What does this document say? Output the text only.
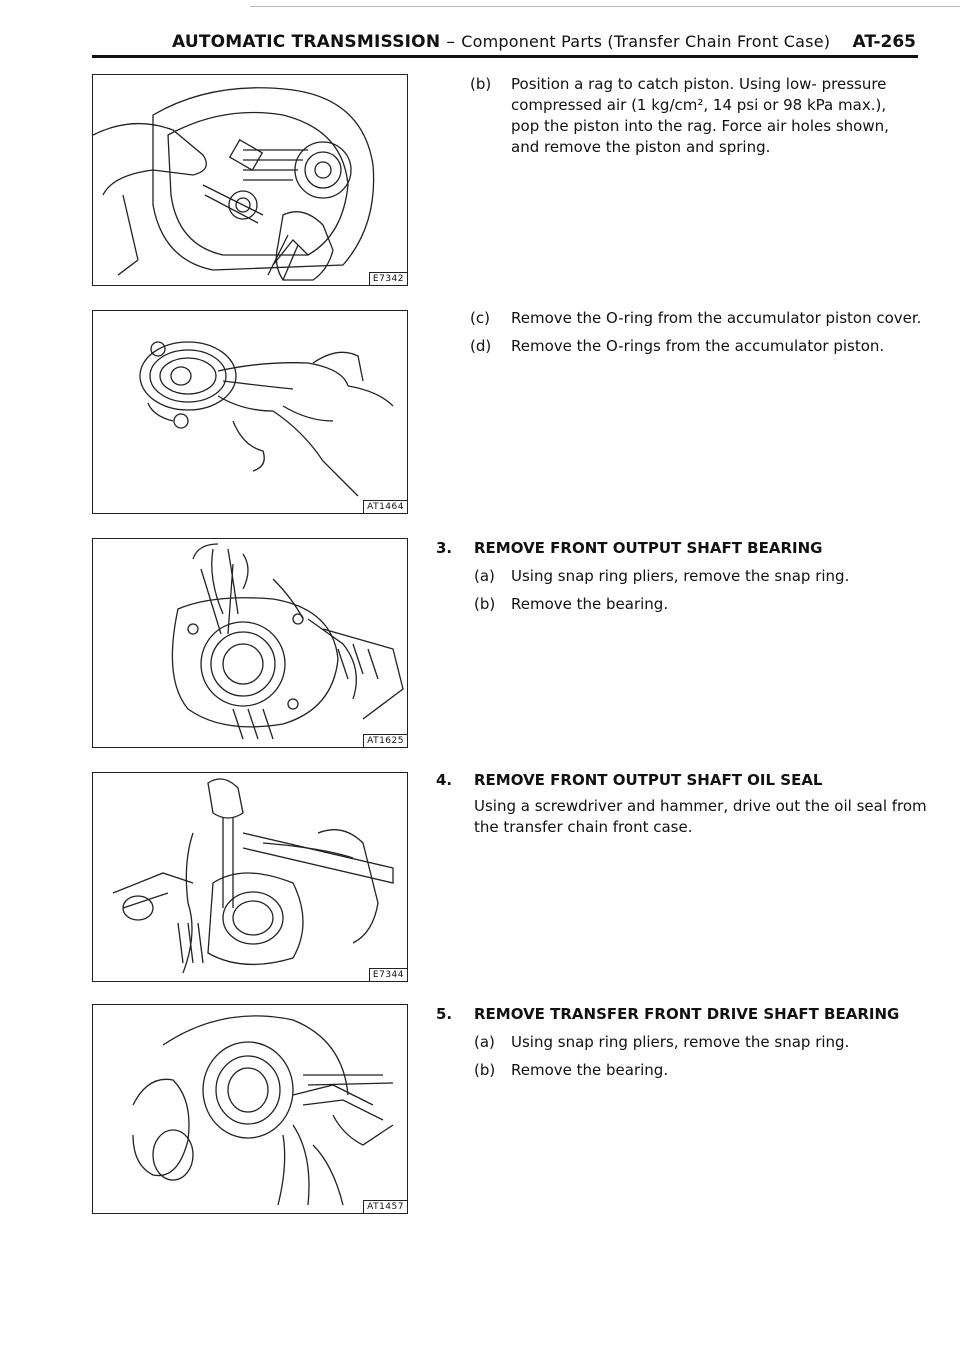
AUTOMATIC TRANSMISSION – Component Parts (Transfer Chain Front Case) AT-265
E7342
AT1464
AT1625
E7344
AT1457
(b) Position a rag to catch piston. Using low- pressure
compressed air (1 kg/cm², 14 psi or 98 kPa max.),
pop the piston into the rag. Force air holes shown,
and remove the piston and spring.
(c) Remove the O-ring from the accumulator piston cover.
(d) Remove the O-rings from the accumulator piston.
3. REMOVE FRONT OUTPUT SHAFT BEARING
(a) Using snap ring pliers, remove the snap ring.
(b) Remove the bearing.
4. REMOVE FRONT OUTPUT SHAFT OIL SEAL
Using a screwdriver and hammer, drive out the oil seal from
the transfer chain front case.
5. REMOVE TRANSFER FRONT DRIVE SHAFT BEARING
(a) Using snap ring pliers, remove the snap ring.
(b) Remove the bearing.
